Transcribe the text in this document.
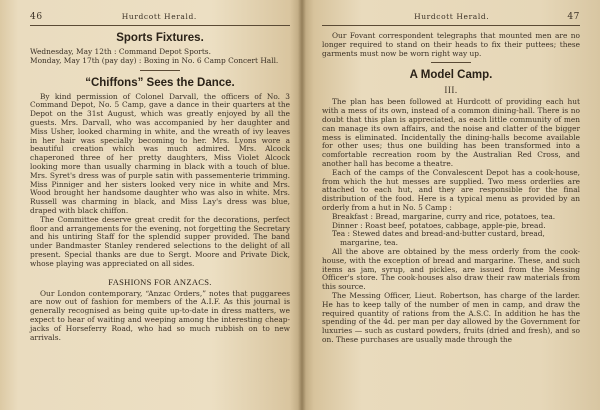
46	Hurdcott Herald.
Sports Fixtures.

Wednesday, May 12th : Command Depot Sports.

Monday, May 17th (pay day) : Boxing in No. 6 Camp Concert Hall.

“Chiffons” Sees the Dance.

By kind permission of Colonel Darvall, the officers of No. 3 Command Depot, No. 5 Camp, gave a dance in their quarters at the Depot on the 31st August, which was greatly enjoyed by all the guests. Mrs. Darvall, who was accompanied by her daughter and Miss Usher, looked charming in white, and the wreath of ivy leaves in her hair was specially becoming to her. Mrs. Lyons wore a beautiful creation which was much admired. Mrs. Alcock chaperoned three of her pretty daughters, Miss Violet Alcock looking more than usually charming in black with a touch of blue. Mrs. Syret's dress was of purple satin with passementerie trimming. Miss Pinniger and her sisters looked very nice in white and Mrs. Wood brought her handsome daughter who was also in white. Mrs. Russell was charming in black, and Miss Lay's dress was blue, draped with black chiffon.

The Committee deserve great credit for the decorations, perfect floor and arrangements for the evening, not forgetting the Secretary and his untiring Staff for the splendid supper provided. The band under Bandmaster Stanley rendered selections to the delight of all present. Special thanks are due to Sergt. Moore and Private Dick, whose playing was appreciated on all sides.

FASHIONS FOR ANZACS.

Our London contemporary, “Anzac Orders,” notes that puggarees are now out of fashion for members of the A.I.F. As this journal is generally recognised as being quite up-to-date in dress matters, we expect to hear of waiting and weeping among the interesting cheap-jacks of Horseferry Road, who had so much rubbish on to new arrivals.

Hurdcott Herald.	47

Our Fovant correspondent telegraphs that mounted men are no longer required to stand on their heads to fix their puttees; these garments must now be worn right way up.

A Model Camp.
III.

The plan has been followed at Hurdcott of providing each hut with a mess of its own, instead of a common dining-hall. There is no doubt that this plan is appreciated, as each little community of men can manage its own affairs, and the noise and clatter of the bigger mess is eliminated. Incidentally the dining-halls become available for other uses; thus one building has been transformed into a comfortable recreation room by the Australian Red Cross, and another hall has become a theatre.

Each of the camps of the Convalescent Depot has a cook-house, from which the hut messes are supplied. Two mess orderlies are attached to each hut, and they are responsible for the final distribution of the food. Here is a typical menu as provided by an orderly from a hut in No. 5 Camp :

Breakfast : Bread, margarine, curry and rice, potatoes, tea.
Dinner : Roast beef, potatoes, cabbage, apple-pie, bread.
Tea : Stewed dates and bread-and-butter custard, bread, margarine, tea.

All the above are obtained by the mess orderly from the cook-house, with the exception of bread and margarine. These, and such items as jam, syrup, and pickles, are issued from the Messing Officer's store. The cook-houses also draw their raw materials from this source.

The Messing Officer, Lieut. Robertson, has charge of the larder. He has to keep tally of the number of men in camp, and draw the required quantity of rations from the A.S.C. In addition he has the spending of the 4d. per man per day allowed by the Government for luxuries — such as custard powders, fruits (dried and fresh), and so on. These purchases are usually made through the
